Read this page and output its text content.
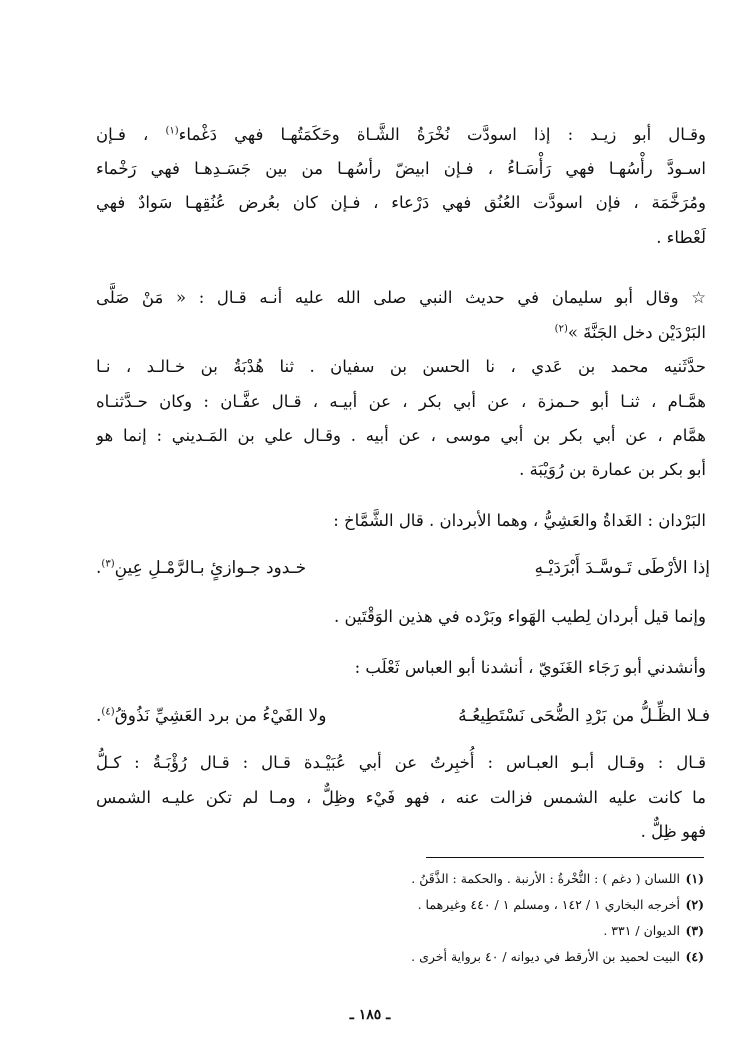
وقـال أبو زيـد : إذا اسودَّت نُخْرَةُ الشَّـاة وحَكَمَتُهـا فهي دَغْماء$^{(١)}$ ، فـإن
اسـودَّ رأْسُهـا فهي رَأْسَـاءُ ، فـإن ابيضّ رأسُهـا من بين جَسَـدِهـا فهي رَخْماء
ومُرَخَّمَة ، فإن اسودَّت العُنُق فهي دَرْعاء ، فـإن كان بعُرض عُنُقِهـا سَوادٌ فهي
لَعْطاء .
☆ وقال أبو سليمان في حديث النبي صلى الله عليه أنـه قـال : « مَنْ صَلَّى
البَرْدَيْن دخل الجَنَّةَ »$^{(٢)}$
حدَّثَنيه محمد بن عَدي ، نا الحسن بن سفيان . ثنا هُدْبَةُ بن خـالـد ، نـا
همَّـام ، ثنـا أبو حـمزة ، عن أبي بكر ، عن أبيـه ، قـال عفَّـان : وكان حـدَّثنـاه
همَّام ، عن أبي بكر بن أبي موسى ، عن أبيه . وقـال علي بن المَـديني : إنما هو
أبو بكر بن عمارة بن رُوَيْبَة .
البَرْدان : الغَداةُ والعَشِيُّ ، وهما الأبردان . قال الشَّمَّاخ :
إذا الأرْطَى تَـوسَّـدَ أَبْرَدَيْـهِ
خـدود جـوازئٍ بـالرَّمْـلِ عِينِ$^{(٣)}$.
وإنما قيل أبردان لِطيب الهَواء وبَرْده في هذين الوَقْتَين .
وأنشدني أبو رَجَاء الغَنَويّ ، أنشدنا أبو العباس ثَعْلَب :
فـلا الظِّـلُّ من بَرْدِ الضُّحَى نَسْتَطِيعُـهُ
ولا الفَيْءُ من برد العَشِيِّ نَذُوقُ$^{(٤)}$.
قـال : وقـال أبـو العبـاس : أُخبِرتُ عن أبي عُبَيْـدة قـال : قـال رُؤْبَـةُ : كـلُّ
ما كانت عليه الشمس فزالت عنه ، فهو فَيْء وظِلٌّ ، ومـا لم تكن عليـه الشمس
فهو ظِلٌّ .
(١) اللسان ( دغم ) : النُّخْرةُ : الأرنبة . والحكمة : الذَّقَنُ .
(٢) أخرجه البخاري ١ / ١٤٢ ، ومسلم ١ / ٤٤٠ وغيرهما .
(٣) الديوان / ٣٣١ .
(٤) البيت لحميد بن الأرقط في ديوانه / ٤٠ برواية أخرى .
ـ ١٨٥ ـ
